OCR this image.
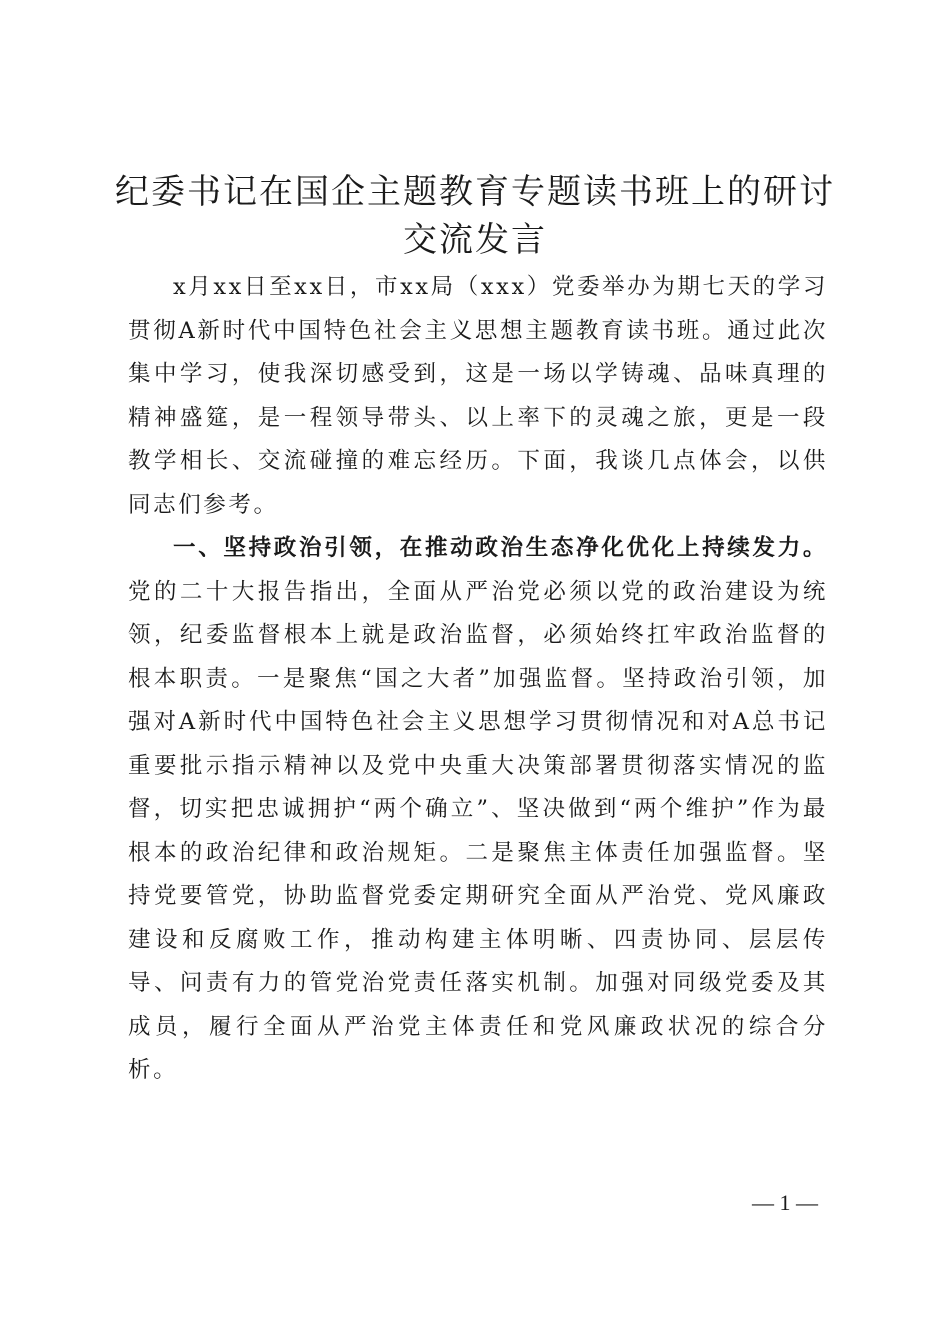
纪委书记在国企主题教育专题读书班上的研讨
交流发言

x月xx日至xx日，市xx局（xxx）党委举办为期七天的学习贯彻A新时代中国特色社会主义思想主题教育读书班。通过此次集中学习，使我深切感受到，这是一场以学铸魂、品味真理的精神盛筵，是一程领导带头、以上率下的灵魂之旅，更是一段教学相长、交流碰撞的难忘经历。下面，我谈几点体会，以供同志们参考。

一、坚持政治引领，在推动政治生态净化优化上持续发力。党的二十大报告指出，全面从严治党必须以党的政治建设为统领，纪委监督根本上就是政治监督，必须始终扛牢政治监督的根本职责。一是聚焦“国之大者”加强监督。坚持政治引领，加强对A新时代中国特色社会主义思想学习贯彻情况和对A总书记重要批示指示精神以及党中央重大决策部署贯彻落实情况的监督，切实把忠诚拥护“两个确立”、坚决做到“两个维护”作为最根本的政治纪律和政治规矩。二是聚焦主体责任加强监督。坚持党要管党，协助监督党委定期研究全面从严治党、党风廉政建设和反腐败工作，推动构建主体明晰、四责协同、层层传导、问责有力的管党治党责任落实机制。加强对同级党委及其成员，履行全面从严治党主体责任和党风廉政状况的综合分析。

— 1 —
